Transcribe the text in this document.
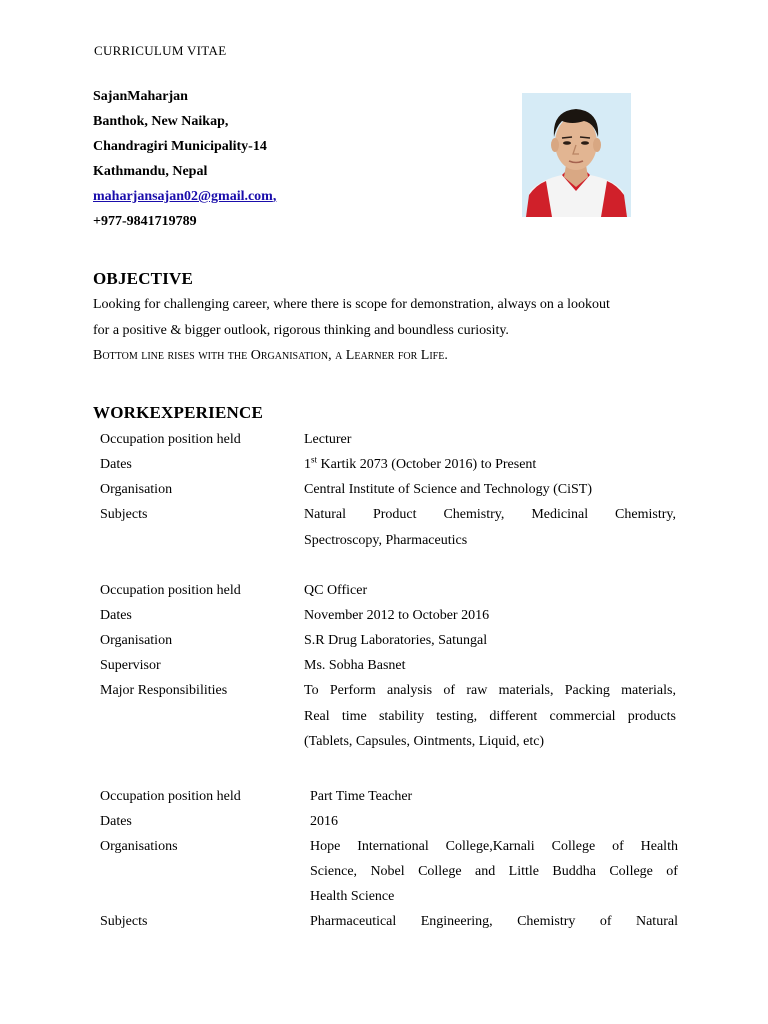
CURRICULUM VITAE
SajanMaharjan
Banthok, New Naikap,
Chandragiri Municipality-14
Kathmandu, Nepal
maharjansajan02@gmail.com,
+977-9841719789
OBJECTIVE
Looking for challenging career, where there is scope for demonstration, always on a lookout
for a positive & bigger outlook, rigorous thinking and boundless curiosity.
Bottom line rises with the Organisation, a Learner for Life.
WORKEXPERIENCE
Occupation position held	Lecturer
Dates	1st Kartik 2073 (October 2016) to Present
Organisation	Central Institute of Science and Technology (CiST)
Subjects	Natural Product Chemistry, Medicinal Chemistry,
Spectroscopy, Pharmaceutics
Occupation position held	QC Officer
Dates	November 2012 to October 2016
Organisation	S.R Drug Laboratories, Satungal
Supervisor	Ms. Sobha Basnet
Major Responsibilities	To Perform analysis of raw materials, Packing materials,
Real time stability testing, different commercial products
(Tablets, Capsules, Ointments, Liquid, etc)
Occupation position held	Part Time Teacher
Dates	2016
Organisations	Hope International College,Karnali College of Health
Science, Nobel College and Little Buddha College of
Health Science
Subjects	Pharmaceutical Engineering, Chemistry of Natural
